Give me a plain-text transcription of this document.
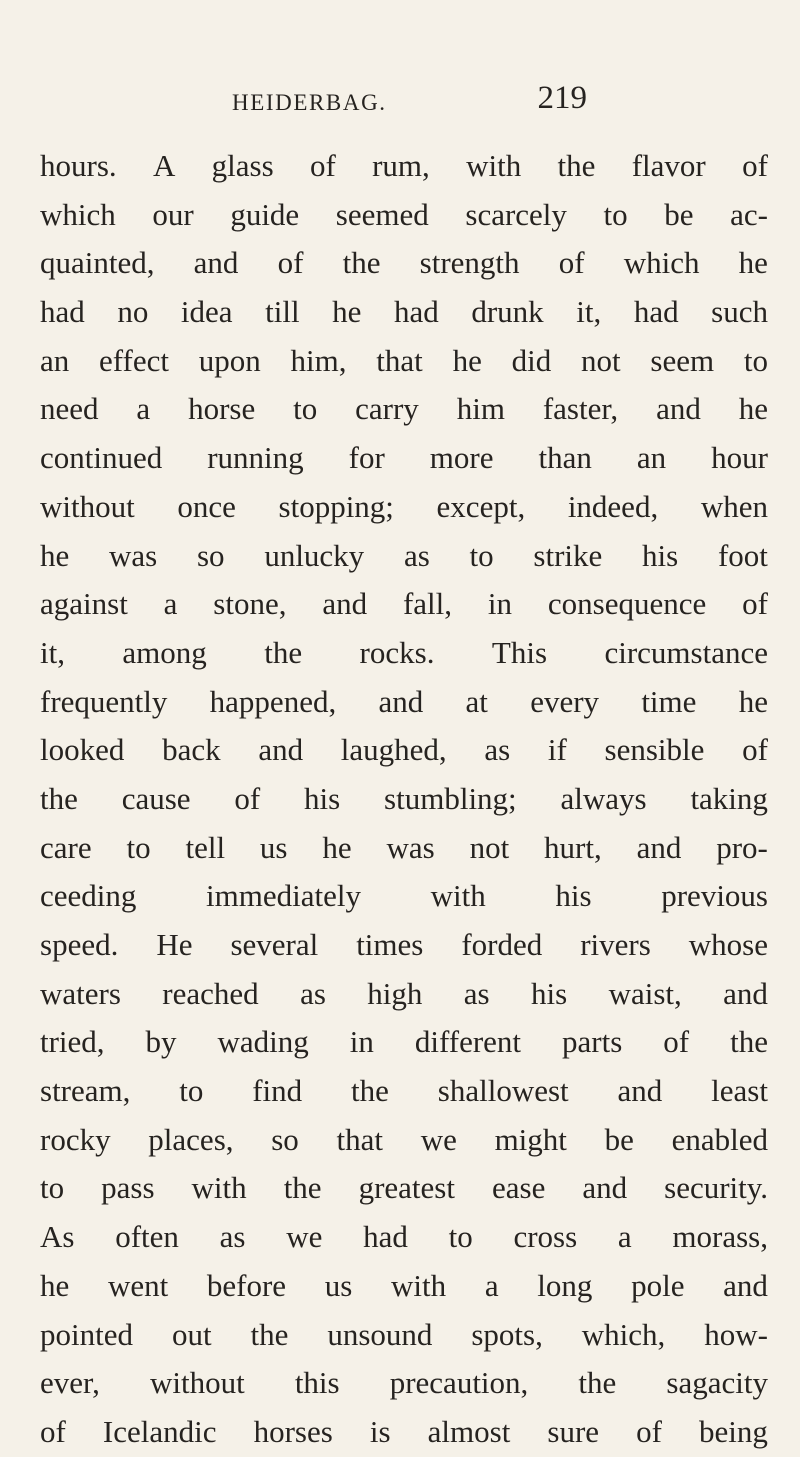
HEIDERBAG.	219
hours. A glass of rum, with the flavor of
which our guide seemed scarcely to be ac-
quainted, and of the strength of which he
had no idea till he had drunk it, had such
an effect upon him, that he did not seem to
need a horse to carry him faster, and he
continued running for more than an hour
without once stopping; except, indeed, when
he was so unlucky as to strike his foot
against a stone, and fall, in consequence of
it, among the rocks. This circumstance
frequently happened, and at every time he
looked back and laughed, as if sensible of
the cause of his stumbling; always taking
care to tell us he was not hurt, and pro-
ceeding immediately with his previous
speed. He several times forded rivers whose
waters reached as high as his waist, and
tried, by wading in different parts of the
stream, to find the shallowest and least
rocky places, so that we might be enabled
to pass with the greatest ease and security.
As often as we had to cross a morass,
he went before us with a long pole and
pointed out the unsound spots, which, how-
ever, without this precaution, the sagacity
of Icelandic horses is almost sure of being
